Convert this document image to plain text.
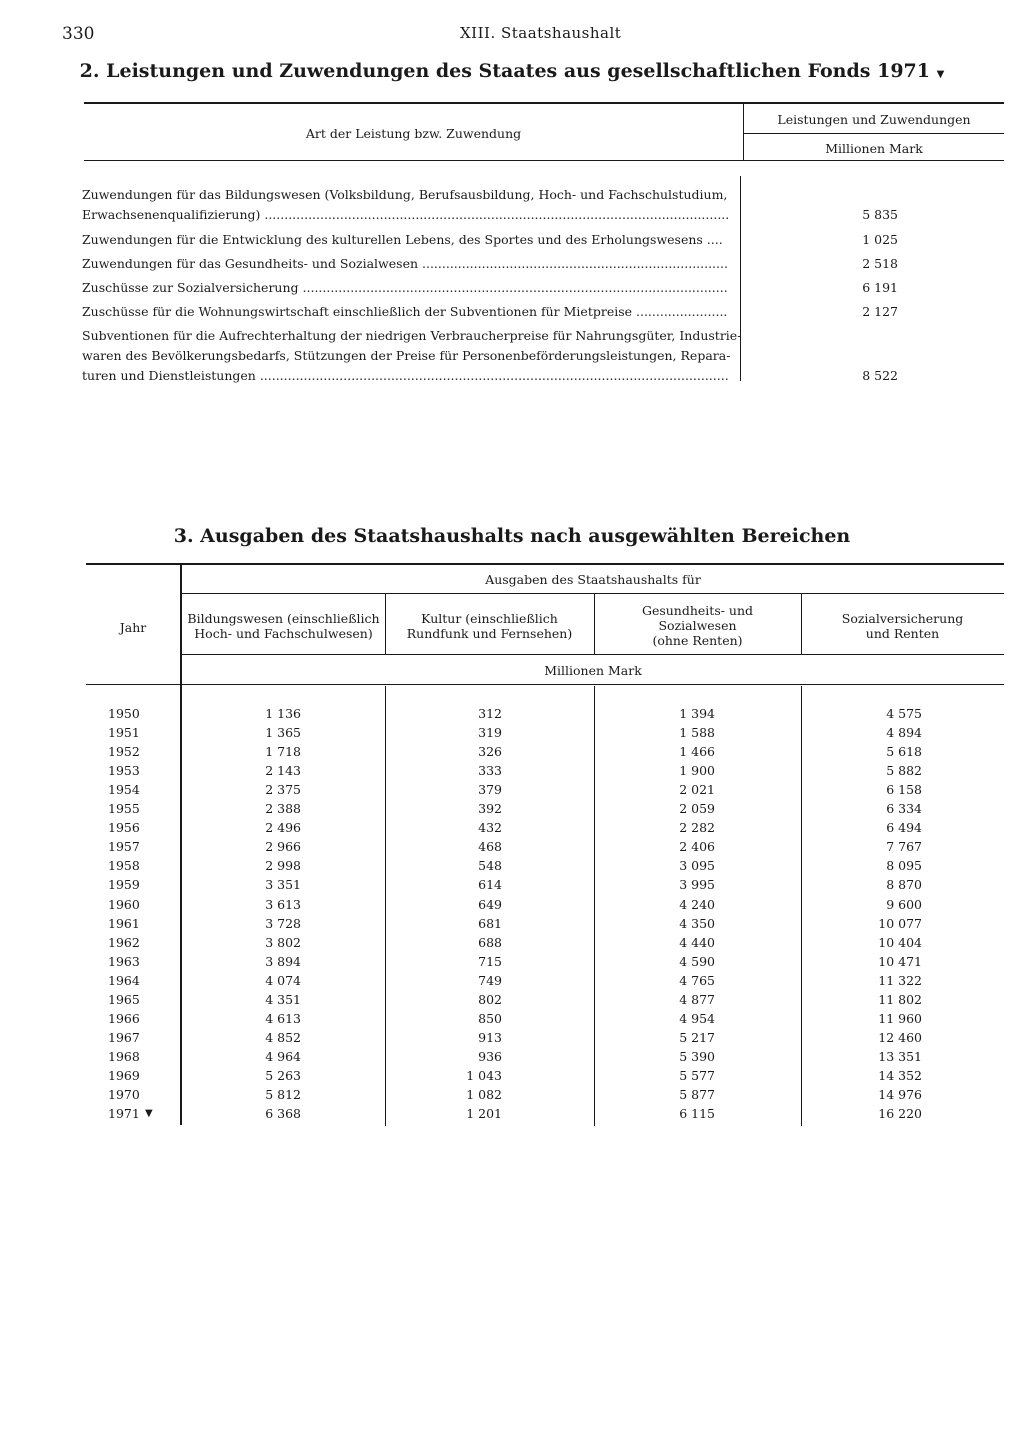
330	XIII. Staatshaushalt
2. Leistungen und Zuwendungen des Staates aus gesellschaftlichen Fonds 1971 ▼
Art der Leistung bzw. Zuwendung
Leistungen und Zuwendungen
Millionen Mark
Zuwendungen für das Bildungswesen (Volksbildung, Berufsausbildung, Hoch- und Fachschulstudium,
Erwachsenenqualifizierung) .....	5 835
Zuwendungen für die Entwicklung des kulturellen Lebens, des Sportes und des Erholungswesens ....	1 025
Zuwendungen für das Gesundheits- und Sozialwesen .....	2 518
Zuschüsse zur Sozialversicherung .....	6 191
Zuschüsse für die Wohnungswirtschaft einschließlich der Subventionen für Mietpreise .....	2 127
Subventionen für die Aufrechterhaltung der niedrigen Verbraucherpreise für Nahrungsgüter, Industrie-
waren des Bevölkerungsbedarfs, Stützungen der Preise für Personenbeförderungsleistungen, Repara-
turen und Dienstleistungen .....	8 522
3. Ausgaben des Staatshaushalts nach ausgewählten Bereichen
Jahr
Ausgaben des Staatshaushalts für
Millionen Mark
Bildungswesen (einschließlich
Hoch- und Fachschulwesen)
Kultur (einschließlich
Rundfunk und Fernsehen)
Gesundheits- und
Sozialwesen
(ohne Renten)
Sozialversicherung
und Renten
1950	1 136	312	1 394	4 575
1951	1 365	319	1 588	4 894
1952	1 718	326	1 466	5 618
1953	2 143	333	1 900	5 882
1954	2 375	379	2 021	6 158
1955	2 388	392	2 059	6 334
1956	2 496	432	2 282	6 494
1957	2 966	468	2 406	7 767
1958	2 998	548	3 095	8 095
1959	3 351	614	3 995	8 870
1960	3 613	649	4 240	9 600
1961	3 728	681	4 350	10 077
1962	3 802	688	4 440	10 404
1963	3 894	715	4 590	10 471
1964	4 074	749	4 765	11 322
1965	4 351	802	4 877	11 802
1966	4 613	850	4 954	11 960
1967	4 852	913	5 217	12 460
1968	4 964	936	5 390	13 351
1969	5 263	1 043	5 577	14 352
1970	5 812	1 082	5 877	14 976
1971 ▼	6 368	1 201	6 115	16 220
